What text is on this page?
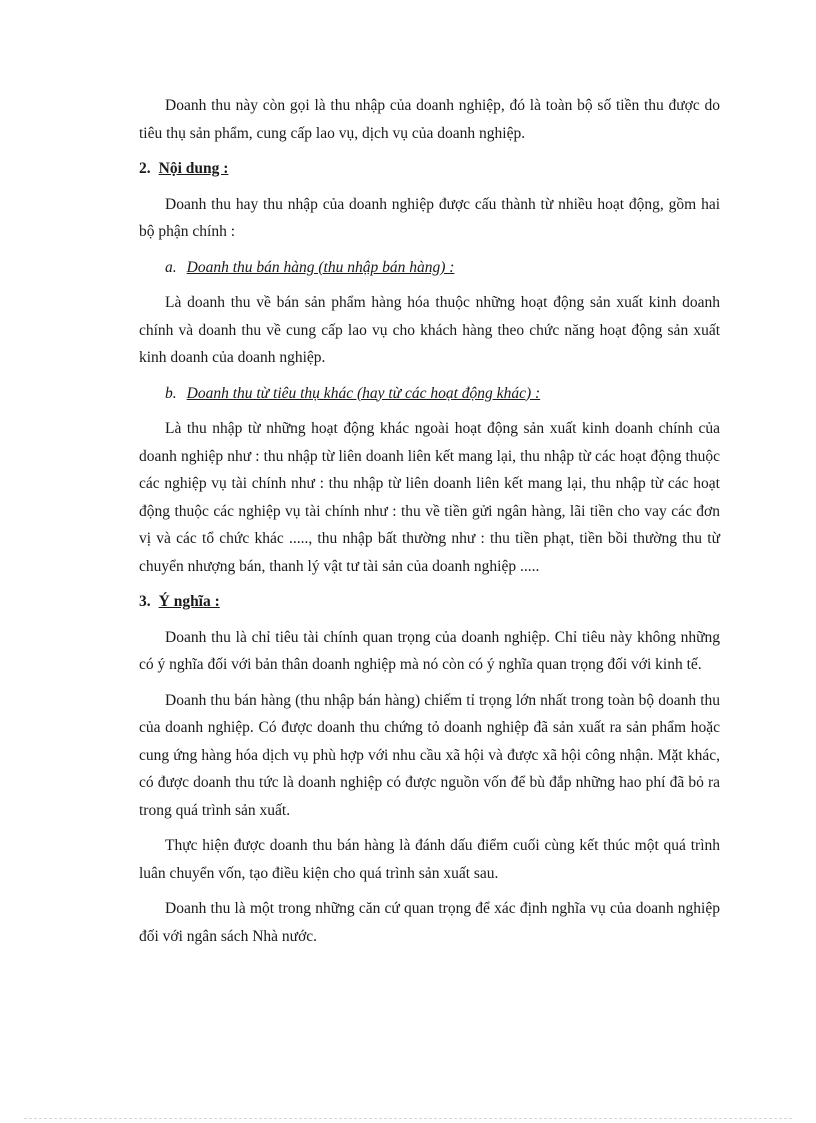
Doanh thu này còn gọi là thu nhập của doanh nghiệp, đó là toàn bộ số tiền thu được do tiêu thụ sản phẩm, cung cấp lao vụ, dịch vụ của doanh nghiệp.

2. Nội dung :

Doanh thu hay thu nhập của doanh nghiệp được cấu thành từ nhiều hoạt động, gồm hai bộ phận chính :

a. Doanh thu bán hàng (thu nhập bán hàng) :

Là doanh thu về bán sản phẩm hàng hóa thuộc những hoạt động sản xuất kinh doanh chính và doanh thu về cung cấp lao vụ cho khách hàng theo chức năng hoạt động sản xuất kinh doanh của doanh nghiệp.

b. Doanh thu từ tiêu thụ khác (hay từ các hoạt động khác) :

Là thu nhập từ những hoạt động khác ngoài hoạt động sản xuất kinh doanh chính của doanh nghiệp như : thu nhập từ liên doanh liên kết mang lại, thu nhập từ các hoạt động thuộc các nghiệp vụ tài chính như : thu nhập từ liên doanh liên kết mang lại, thu nhập từ các hoạt động thuộc các nghiệp vụ tài chính như : thu về tiền gửi ngân hàng, lãi tiền cho vay các đơn vị và các tổ chức khác ....., thu nhập bất thường như : thu tiền phạt, tiền bồi thường thu từ chuyển nhượng bán, thanh lý vật tư tài sản của doanh nghiệp .....

3. Ý nghĩa :

Doanh thu là chỉ tiêu tài chính quan trọng của doanh nghiệp. Chỉ tiêu này không những có ý nghĩa đối với bản thân doanh nghiệp mà nó còn có ý nghĩa quan trọng đối với kinh tế.

Doanh thu bán hàng (thu nhập bán hàng) chiếm tỉ trọng lớn nhất trong toàn bộ doanh thu của doanh nghiệp. Có được doanh thu chứng tỏ doanh nghiệp đã sản xuất ra sản phẩm hoặc cung ứng hàng hóa dịch vụ phù hợp với nhu cầu xã hội và được xã hội công nhận. Mặt khác, có được doanh thu tức là doanh nghiệp có được nguồn vốn để bù đắp những hao phí đã bỏ ra trong quá trình sản xuất.

Thực hiện được doanh thu bán hàng là đánh dấu điểm cuối cùng kết thúc một quá trình luân chuyển vốn, tạo điều kiện cho quá trình sản xuất sau.

Doanh thu là một trong những căn cứ quan trọng để xác định nghĩa vụ của doanh nghiệp đối với ngân sách Nhà nước.
